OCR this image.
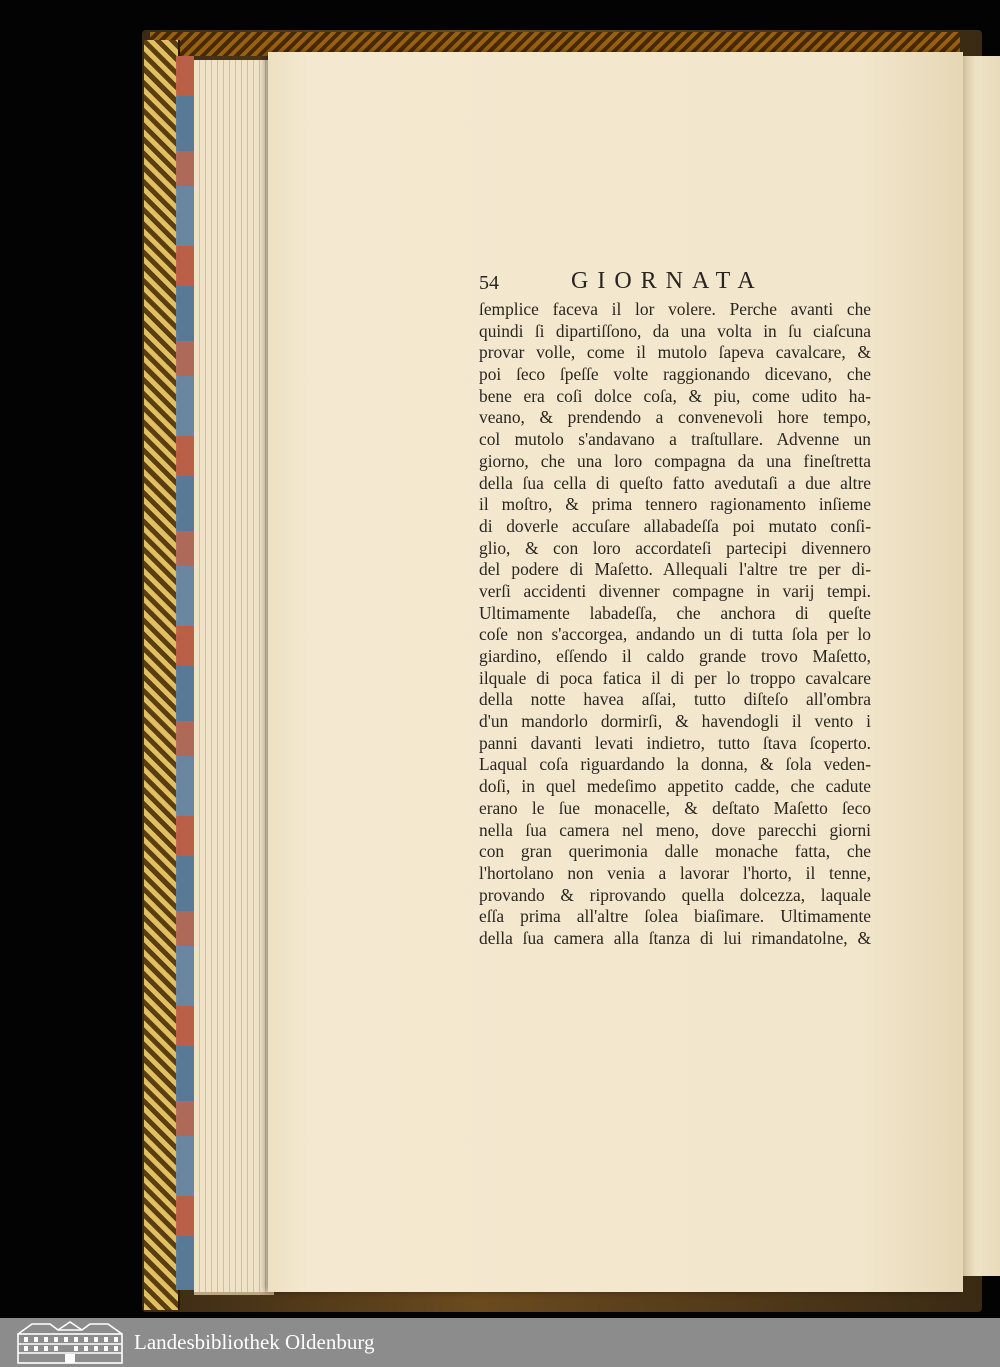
54	GIORNATA
ſemplice faceva il lor volere. Perche avanti che
quindi ſi dipartiſſono, da una volta in ſu ciaſcuna
provar volle, come il mutolo ſapeva cavalcare, &
poi ſeco ſpeſſe volte raggionando dicevano, che
bene era coſi dolce coſa, & piu, come udito ha-
veano, & prendendo a convenevoli hore tempo,
col mutolo s'andavano a traſtullare. Advenne un
giorno, che una loro compagna da una fineſtretta
della ſua cella di queſto fatto avedutaſi a due altre
il moſtro, & prima tennero ragionamento inſieme
di doverle accuſare allabadeſſa poi mutato conſi-
glio, & con loro accordateſi partecipi divennero
del podere di Maſetto. Allequali l'altre tre per di-
verſi accidenti divenner compagne in varij tempi.
Ultimamente labadeſſa, che anchora di queſte
coſe non s'accorgea, andando un di tutta ſola per lo
giardino, eſſendo il caldo grande trovo Maſetto,
ilquale di poca fatica il di per lo troppo cavalcare
della notte havea aſſai, tutto diſteſo all'ombra
d'un mandorlo dormirſi, & havendogli il vento i
panni davanti levati indietro, tutto ſtava ſcoperto.
Laqual coſa riguardando la donna, & ſola veden-
doſi, in quel medeſimo appetito cadde, che cadute
erano le ſue monacelle, & deſtato Maſetto ſeco
nella ſua camera nel meno, dove parecchi giorni
con gran querimonia dalle monache fatta, che
l'hortolano non venia a lavorar l'horto, il tenne,
provando & riprovando quella dolcezza, laquale
eſſa prima all'altre ſolea biaſimare. Ultimamente
della ſua camera alla ſtanza di lui rimandatolne, &
Landesbibliothek Oldenburg
